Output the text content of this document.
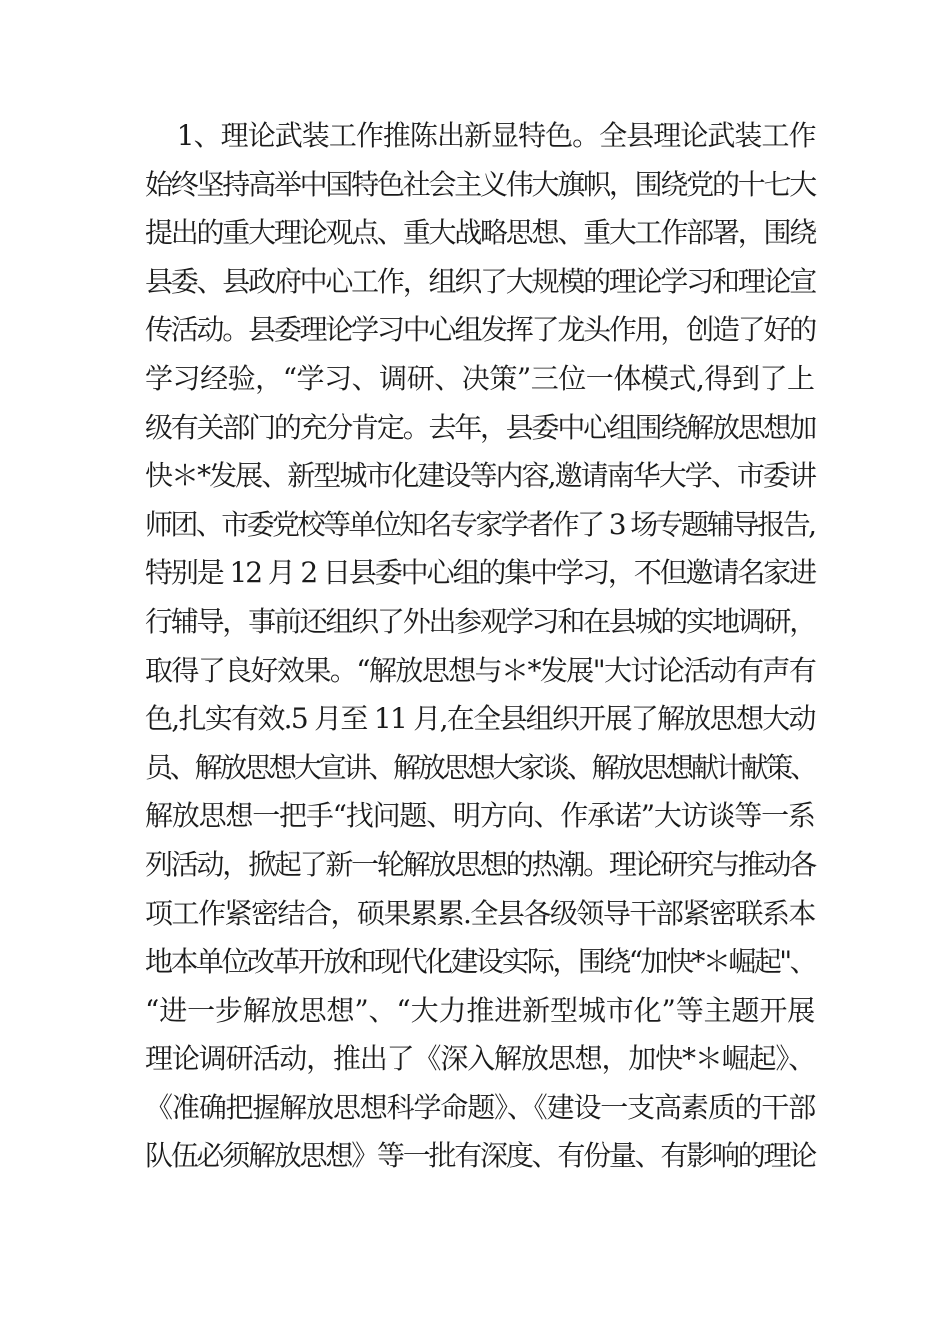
1、理论武装工作推陈出新显特色。全县理论武装工作
始终坚持高举中国特色社会主义伟大旗帜，围绕党的十七大
提出的重大理论观点、重大战略思想、重大工作部署，围绕
县委、县政府中心工作，组织了大规模的理论学习和理论宣
传活动。县委理论学习中心组发挥了龙头作用，创造了好的
学习经验，“学习、调研、决策”三位一体模式,得到了上
级有关部门的充分肯定。去年，县委中心组围绕解放思想加
快＊*发展、新型城市化建设等内容,邀请南华大学、市委讲
师团、市委党校等单位知名专家学者作了 3 场专题辅导报告,
特别是 12 月 2 日县委中心组的集中学习，不但邀请名家进
行辅导，事前还组织了外出参观学习和在县城的实地调研，
取得了良好效果。“解放思想与＊*发展"大讨论活动有声有
色,扎实有效.5 月至 11 月,在全县组织开展了解放思想大动
员、解放思想大宣讲、解放思想大家谈、解放思想献计献策、
解放思想一把手“找问题、明方向、作承诺”大访谈等一系
列活动，掀起了新一轮解放思想的热潮。理论研究与推动各
项工作紧密结合，硕果累累.全县各级领导干部紧密联系本
地本单位改革开放和现代化建设实际，围绕“加快*＊崛起"、
“进一步解放思想”、“大力推进新型城市化”等主题开展
理论调研活动，推出了《深入解放思想，加快*＊崛起》、
《准确把握解放思想科学命题》、《建设一支高素质的干部
队伍必须解放思想》等一批有深度、有份量、有影响的理论
